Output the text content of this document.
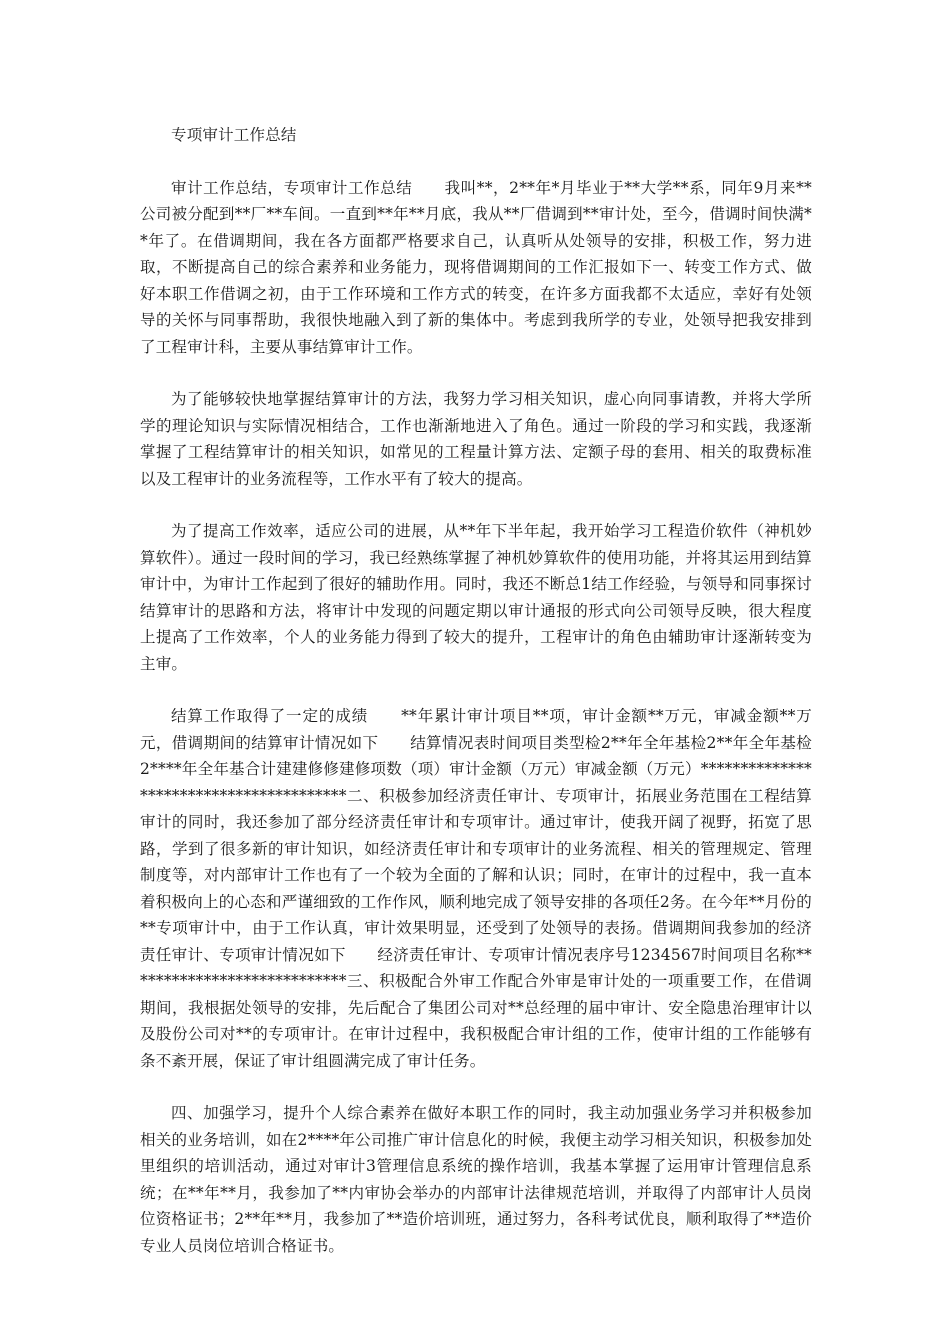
专项审计工作总结

审计工作总结，专项审计工作总结　　我叫**，2**年*月毕业于**大学**系，同年9月来**公司被分配到**厂**车间。一直到**年**月底，我从**厂借调到**审计处，至今，借调时间快满**年了。在借调期间，我在各方面都严格要求自己，认真听从处领导的安排，积极工作，努力进取，不断提高自己的综合素养和业务能力，现将借调期间的工作汇报如下一、转变工作方式、做好本职工作借调之初，由于工作环境和工作方式的转变，在许多方面我都不太适应，幸好有处领导的关怀与同事帮助，我很快地融入到了新的集体中。考虑到我所学的专业，处领导把我安排到了工程审计科，主要从事结算审计工作。

为了能够较快地掌握结算审计的方法，我努力学习相关知识，虚心向同事请教，并将大学所学的理论知识与实际情况相结合，工作也渐渐地进入了角色。通过一阶段的学习和实践，我逐渐掌握了工程结算审计的相关知识，如常见的工程量计算方法、定额子母的套用、相关的取费标准以及工程审计的业务流程等，工作水平有了较大的提高。

为了提高工作效率，适应公司的进展，从**年下半年起，我开始学习工程造价软件（神机妙算软件）。通过一段时间的学习，我已经熟练掌握了神机妙算软件的使用功能，并将其运用到结算审计中，为审计工作起到了很好的辅助作用。同时，我还不断总1结工作经验，与领导和同事探讨结算审计的思路和方法，将审计中发现的问题定期以审计通报的形式向公司领导反映，很大程度上提高了工作效率，个人的业务能力得到了较大的提升，工程审计的角色由辅助审计逐渐转变为主审。

结算工作取得了一定的成绩　　**年累计审计项目**项，审计金额**万元，审减金额**万元，借调期间的结算审计情况如下　　结算情况表时间项目类型检2**年全年基检2**年全年基检2****年全年基合计建建修修建修项数（项）审计金额（万元）审减金额（万元）****************************************二、积极参加经济责任审计、专项审计，拓展业务范围在工程结算审计的同时，我还参加了部分经济责任审计和专项审计。通过审计，使我开阔了视野，拓宽了思路，学到了很多新的审计知识，如经济责任审计和专项审计的业务流程、相关的管理规定、管理制度等，对内部审计工作也有了一个较为全面的了解和认识；同时，在审计的过程中，我一直本着积极向上的心态和严谨细致的工作作风，顺利地完成了领导安排的各项任2务。在今年**月份的**专项审计中，由于工作认真，审计效果明显，还受到了处领导的表扬。借调期间我参加的经济责任审计、专项审计情况如下　　经济责任审计、专项审计情况表序号1234567时间项目名称****************************三、积极配合外审工作配合外审是审计处的一项重要工作，在借调期间，我根据处领导的安排，先后配合了集团公司对**总经理的届中审计、安全隐患治理审计以及股份公司对**的专项审计。在审计过程中，我积极配合审计组的工作，使审计组的工作能够有条不紊开展，保证了审计组圆满完成了审计任务。

四、加强学习，提升个人综合素养在做好本职工作的同时，我主动加强业务学习并积极参加相关的业务培训，如在2****年公司推广审计信息化的时候，我便主动学习相关知识，积极参加处里组织的培训活动，通过对审计3管理信息系统的操作培训，我基本掌握了运用审计管理信息系统；在**年**月，我参加了**内审协会举办的内部审计法律规范培训，并取得了内部审计人员岗位资格证书；2**年**月，我参加了**造价培训班，通过努力，各科考试优良，顺利取得了**造价专业人员岗位培训合格证书。
